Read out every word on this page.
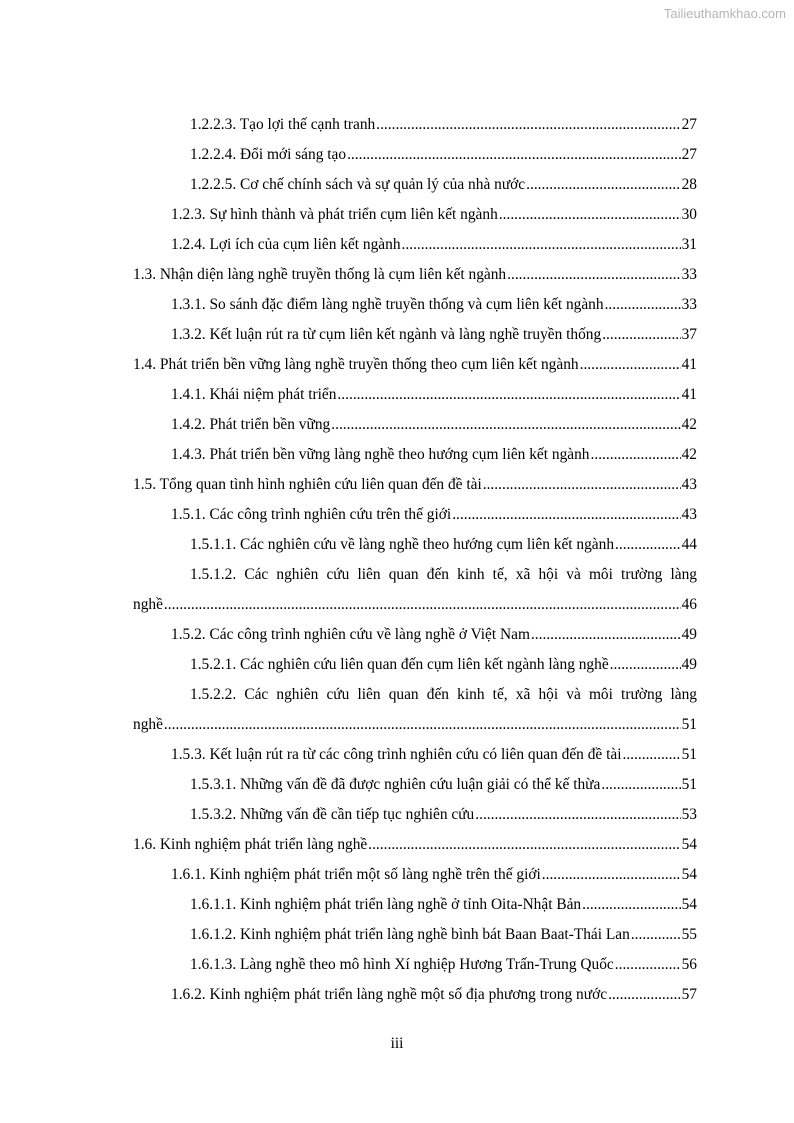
Tailieuthamkhao.com
1.2.2.3. Tạo lợi thế cạnh tranh .....	27
1.2.2.4. Đổi mới sáng tạo .....	27
1.2.2.5. Cơ chế chính sách và sự quản lý của nhà nước .....	28
1.2.3. Sự hình thành và phát triển cụm liên kết ngành .....	30
1.2.4. Lợi ích của cụm liên kết ngành .....	31
1.3. Nhận diện làng nghề truyền thống là cụm liên kết ngành .....	33
1.3.1. So sánh đặc điểm làng nghề truyền thống và cụm liên kết ngành .....	33
1.3.2. Kết luận rút ra từ cụm liên kết ngành và làng nghề truyền thống .....	37
1.4. Phát triển bền vững làng nghề truyền thống theo cụm liên kết ngành .....	41
1.4.1. Khái niệm phát triển .....	41
1.4.2. Phát triển bền vững .....	42
1.4.3. Phát triển bền vững làng nghề theo hướng cụm liên kết ngành .....	42
1.5. Tổng quan tình hình nghiên cứu liên quan đến đề tài .....	43
1.5.1. Các công trình nghiên cứu trên thế giới .....	43
1.5.1.1. Các nghiên cứu về làng nghề theo hướng cụm liên kết ngành .....	44
1.5.1.2. Các nghiên cứu liên quan đến kinh tế, xã hội và môi trường làng
nghề .....	46
1.5.2. Các công trình nghiên cứu về làng nghề ở Việt Nam .....	49
1.5.2.1. Các nghiên cứu liên quan đến cụm liên kết ngành làng nghề .....	49
1.5.2.2. Các nghiên cứu liên quan đến kinh tế, xã hội và môi trường làng
nghề .....	51
1.5.3. Kết luận rút ra từ các công trình nghiên cứu có liên quan đến đề tài .....	51
1.5.3.1. Những vấn đề đã được nghiên cứu luận giải có thể kế thừa .....	51
1.5.3.2. Những vấn đề cần tiếp tục nghiên cứu .....	53
1.6. Kinh nghiệm phát triển làng nghề .....	54
1.6.1. Kinh nghiệm phát triển một số làng nghề trên thế giới .....	54
1.6.1.1. Kinh nghiệm phát triển làng nghề ở tỉnh Oita-Nhật Bản .....	54
1.6.1.2. Kinh nghiệm phát triển làng nghề bình bát Baan Baat-Thái Lan .....	55
1.6.1.3. Làng nghề theo mô hình Xí nghiệp Hương Trấn-Trung Quốc .....	56
1.6.2. Kinh nghiệm phát triển làng nghề một số địa phương trong nước .....	57
iii
